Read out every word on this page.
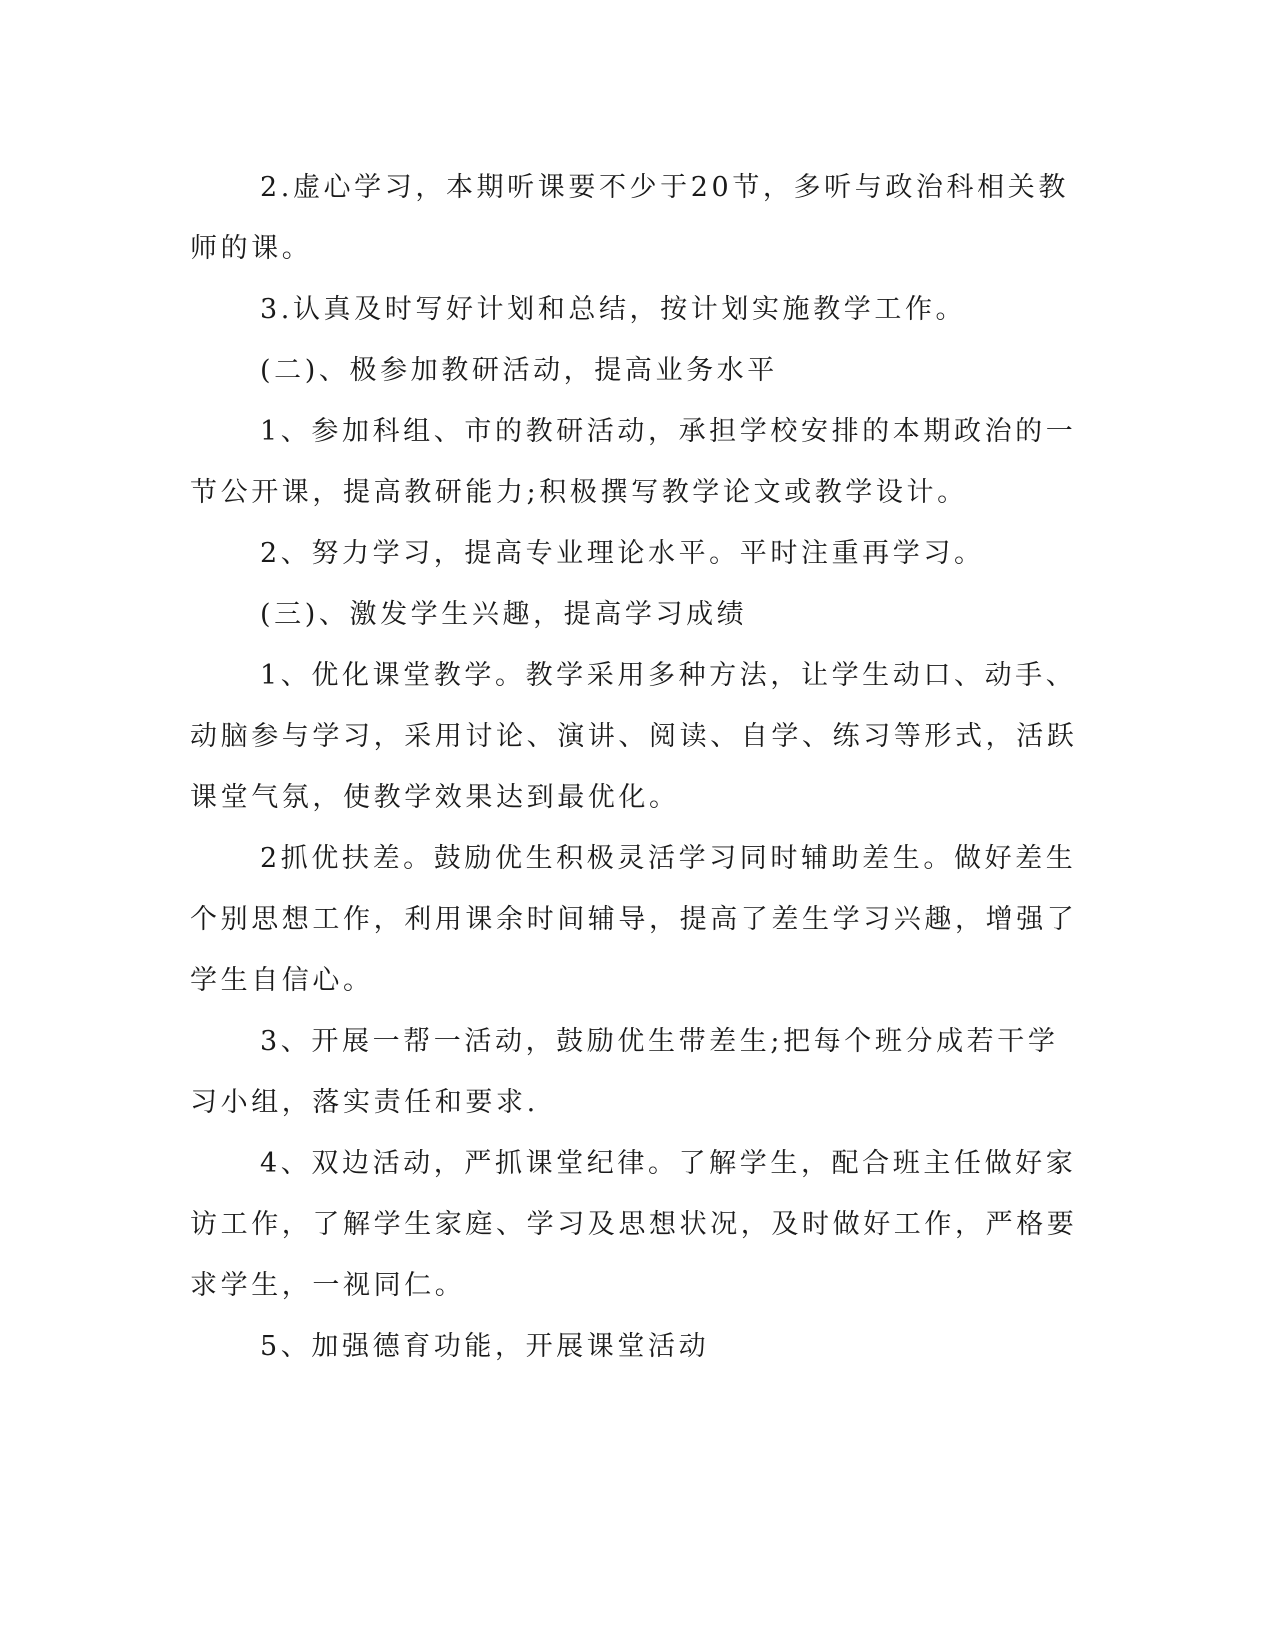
2.虚心学习，本期听课要不少于20节，多听与政治科相关教师的课。

3.认真及时写好计划和总结，按计划实施教学工作。

(二)、极参加教研活动，提高业务水平

1、参加科组、市的教研活动，承担学校安排的本期政治的一节公开课，提高教研能力;积极撰写教学论文或教学设计。

2、努力学习，提高专业理论水平。平时注重再学习。

(三)、激发学生兴趣，提高学习成绩

1、优化课堂教学。教学采用多种方法，让学生动口、动手、动脑参与学习，采用讨论、演讲、阅读、自学、练习等形式，活跃课堂气氛，使教学效果达到最优化。

2抓优扶差。鼓励优生积极灵活学习同时辅助差生。做好差生个别思想工作，利用课余时间辅导，提高了差生学习兴趣，增强了学生自信心。

3、开展一帮一活动，鼓励优生带差生;把每个班分成若干学习小组，落实责任和要求.

4、双边活动，严抓课堂纪律。了解学生，配合班主任做好家访工作，了解学生家庭、学习及思想状况，及时做好工作，严格要求学生，一视同仁。

5、加强德育功能，开展课堂活动
